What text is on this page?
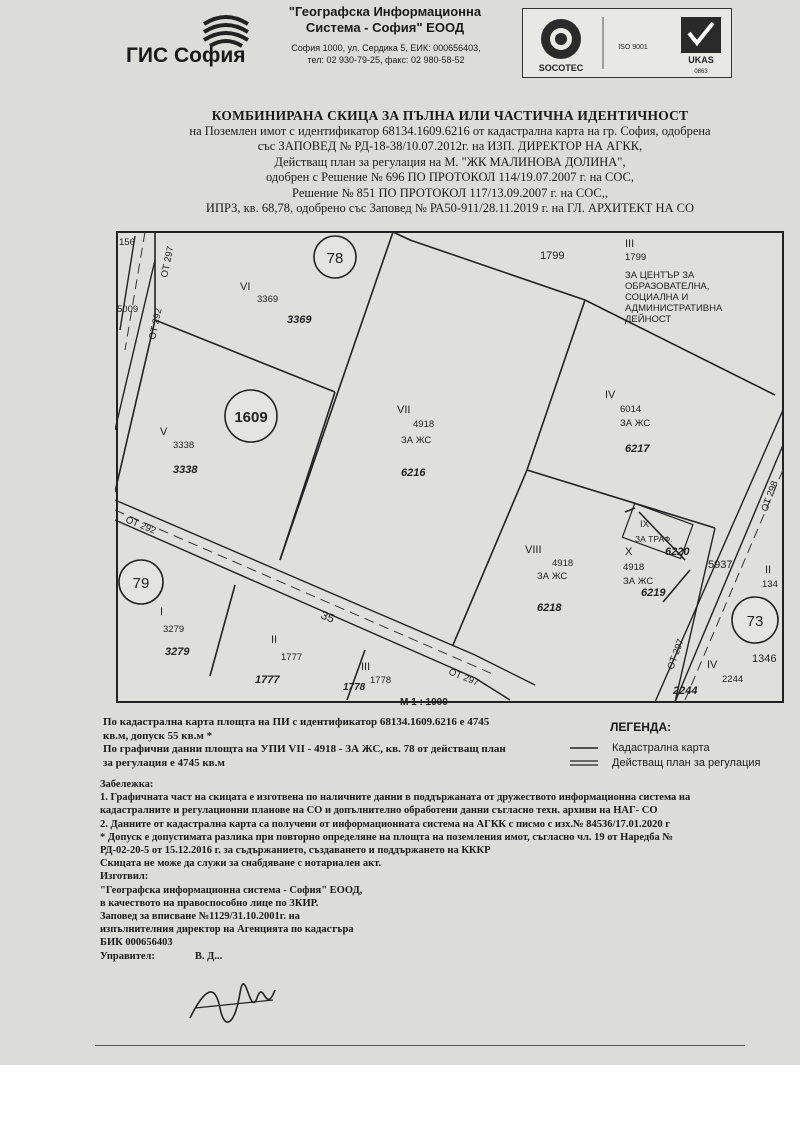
ГИС София
"Географска Информационна
Система - София" ЕООД
София 1000, ул. Сердика 5, ЕИК: 000656403,
тел: 02 930-79-25, факс: 02 980-58-52
SOCOTEC
ISO 9001
UKAS
0863
КОМБИНИРАНА СКИЦА ЗА ПЪЛНА ИЛИ ЧАСТИЧНА ИДЕНТИЧНОСТ
на Поземлен имот с идентификатор 68134.1609.6216 от кадастрална карта на гр. София, одобрена
със ЗАПОВЕД № РД-18-38/10.07.2012г. на ИЗП. ДИРЕКТОР НА АГКК,
Действащ план за регулация на М. "ЖК МАЛИНОВА ДОЛИНА",
одобрен с Решение № 696 ПО ПРОТОКОЛ 114/19.07.2007 г. на СОС,
Решение № 851 ПО ПРОТОКОЛ 117/13.09.2007 г. на СОС,,
ИПРЗ, кв. 68,78, одобрено със Заповед № РА50-911/28.11.2019 г. на ГЛ. АРХИТЕКТ НА СО
78
1609
79
73
156
5009
ОТ 297
ОТ 292
ОТ 292
35
ОТ 297
ОТ 297
ОТ 298
VI
3369
3369
V
3338
3338
VII
4918
ЗА ЖС
6216
1799
III
1799
ЗА ЦЕНТЪР ЗА
ОБРАЗОВАТЕЛНА,
СОЦИАЛНА И
АДМИНИСТРАТИВНА
ДЕЙНОСТ
IV
6014
ЗА ЖС
6217
VIII
4918
ЗА ЖС
6218
IX
ЗА ТРАФ.
6220
X
4918
ЗА ЖС
6219
5937	II
134
1346
IV
2244
2244
I
3279
3279
II
1777
1777
III
1778
1778
М 1 : 1000
По кадастрална карта площта на ПИ с идентификатор 68134.1609.6216 е 4745
кв.м, допуск 55 кв.м *
По графични данни площта на УПИ VII - 4918 - ЗА ЖС, кв. 78 от действащ план
за регулация е 4745 кв.м
ЛЕГЕНДА:
Кадастрална карта
Действащ план за регулация
Забележка:
1. Графичната част на скицата е изготвена по наличните данни в поддържаната от дружеството информационна система на
кадастралните и регулационни планове на СО и допълнително обработени данни съгласно техн. архиви на НАГ- СО
2. Данните от кадастрална карта са получени от информационната система на АГКК с писмо с изх.№ 84536/17.01.2020 г
* Допуск е допустимата разлика при повторно определяне на площта на поземления имот, съгласно чл. 19 от Наредба №
РД-02-20-5 от 15.12.2016 г. за съдържанието, създаването и поддържането на КККР
Скицата не може да служи за снабдяване с нотариален акт.
Изготвил:
"Географска информационна система - София" ЕООД,
в качеството на правоспособно лице по ЗКИР.
Заповед за вписване №1129/31.10.2001г. на
изпълнителния директор на Агенцията по кадастъра
БИК 000656403
Управител:	В. Д...
